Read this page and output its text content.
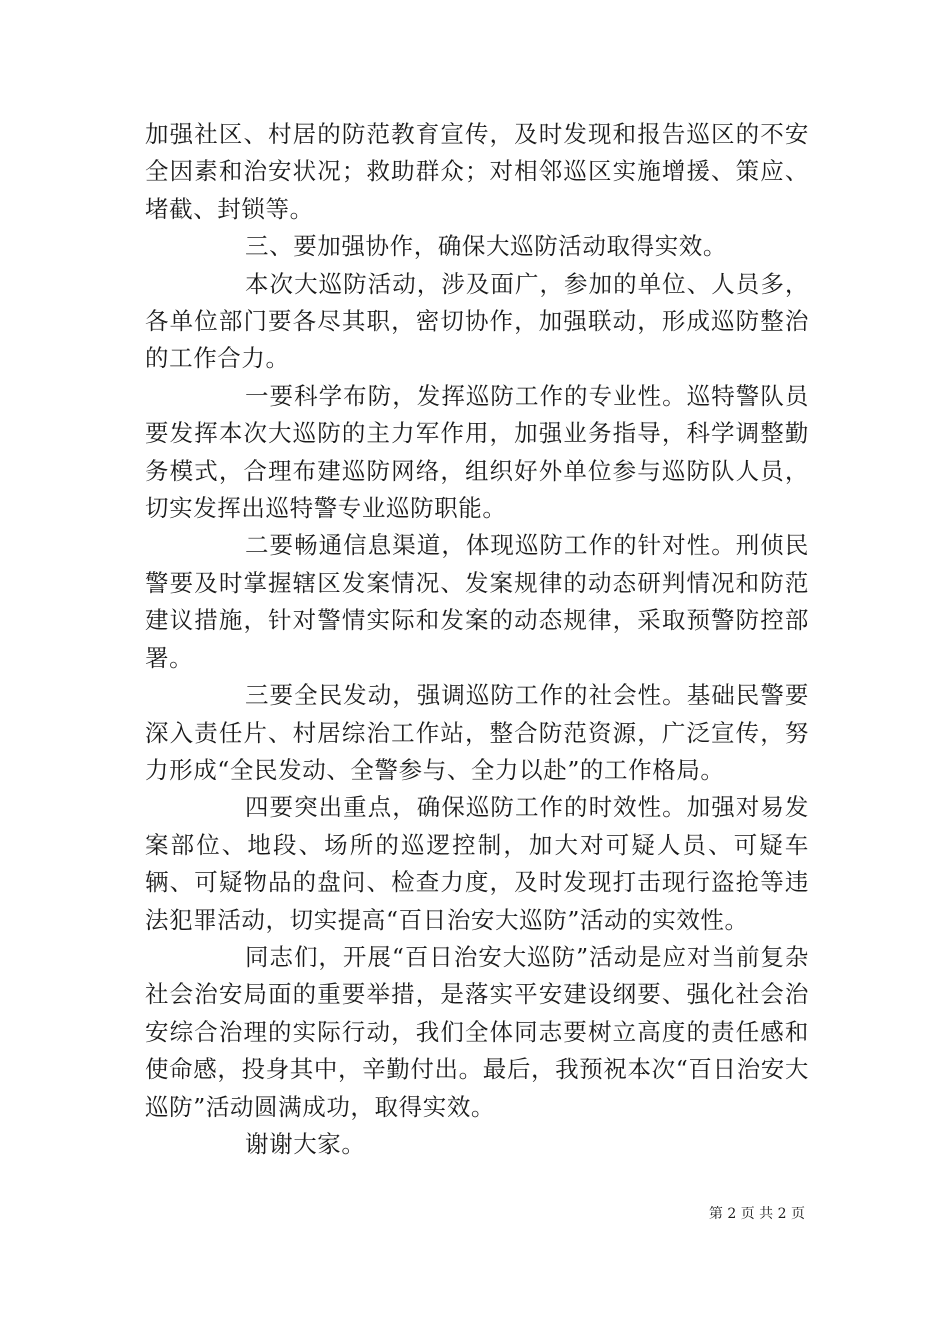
加强社区、村居的防范教育宣传，及时发现和报告巡区的不安全因素和治安状况；救助群众；对相邻巡区实施增援、策应、堵截、封锁等。

三、要加强协作，确保大巡防活动取得实效。

本次大巡防活动，涉及面广，参加的单位、人员多，各单位部门要各尽其职，密切协作，加强联动，形成巡防整治的工作合力。

一要科学布防，发挥巡防工作的专业性。巡特警队员要发挥本次大巡防的主力军作用，加强业务指导，科学调整勤务模式，合理布建巡防网络，组织好外单位参与巡防队人员，切实发挥出巡特警专业巡防职能。

二要畅通信息渠道，体现巡防工作的针对性。刑侦民警要及时掌握辖区发案情况、发案规律的动态研判情况和防范建议措施，针对警情实际和发案的动态规律，采取预警防控部署。

三要全民发动，强调巡防工作的社会性。基础民警要深入责任片、村居综治工作站，整合防范资源，广泛宣传，努力形成“全民发动、全警参与、全力以赴”的工作格局。

四要突出重点，确保巡防工作的时效性。加强对易发案部位、地段、场所的巡逻控制，加大对可疑人员、可疑车辆、可疑物品的盘问、检查力度，及时发现打击现行盗抢等违法犯罪活动，切实提高“百日治安大巡防”活动的实效性。

同志们，开展“百日治安大巡防”活动是应对当前复杂社会治安局面的重要举措，是落实平安建设纲要、强化社会治安综合治理的实际行动，我们全体同志要树立高度的责任感和使命感，投身其中，辛勤付出。最后，我预祝本次“百日治安大巡防”活动圆满成功，取得实效。

谢谢大家。

第 2 页 共 2 页
